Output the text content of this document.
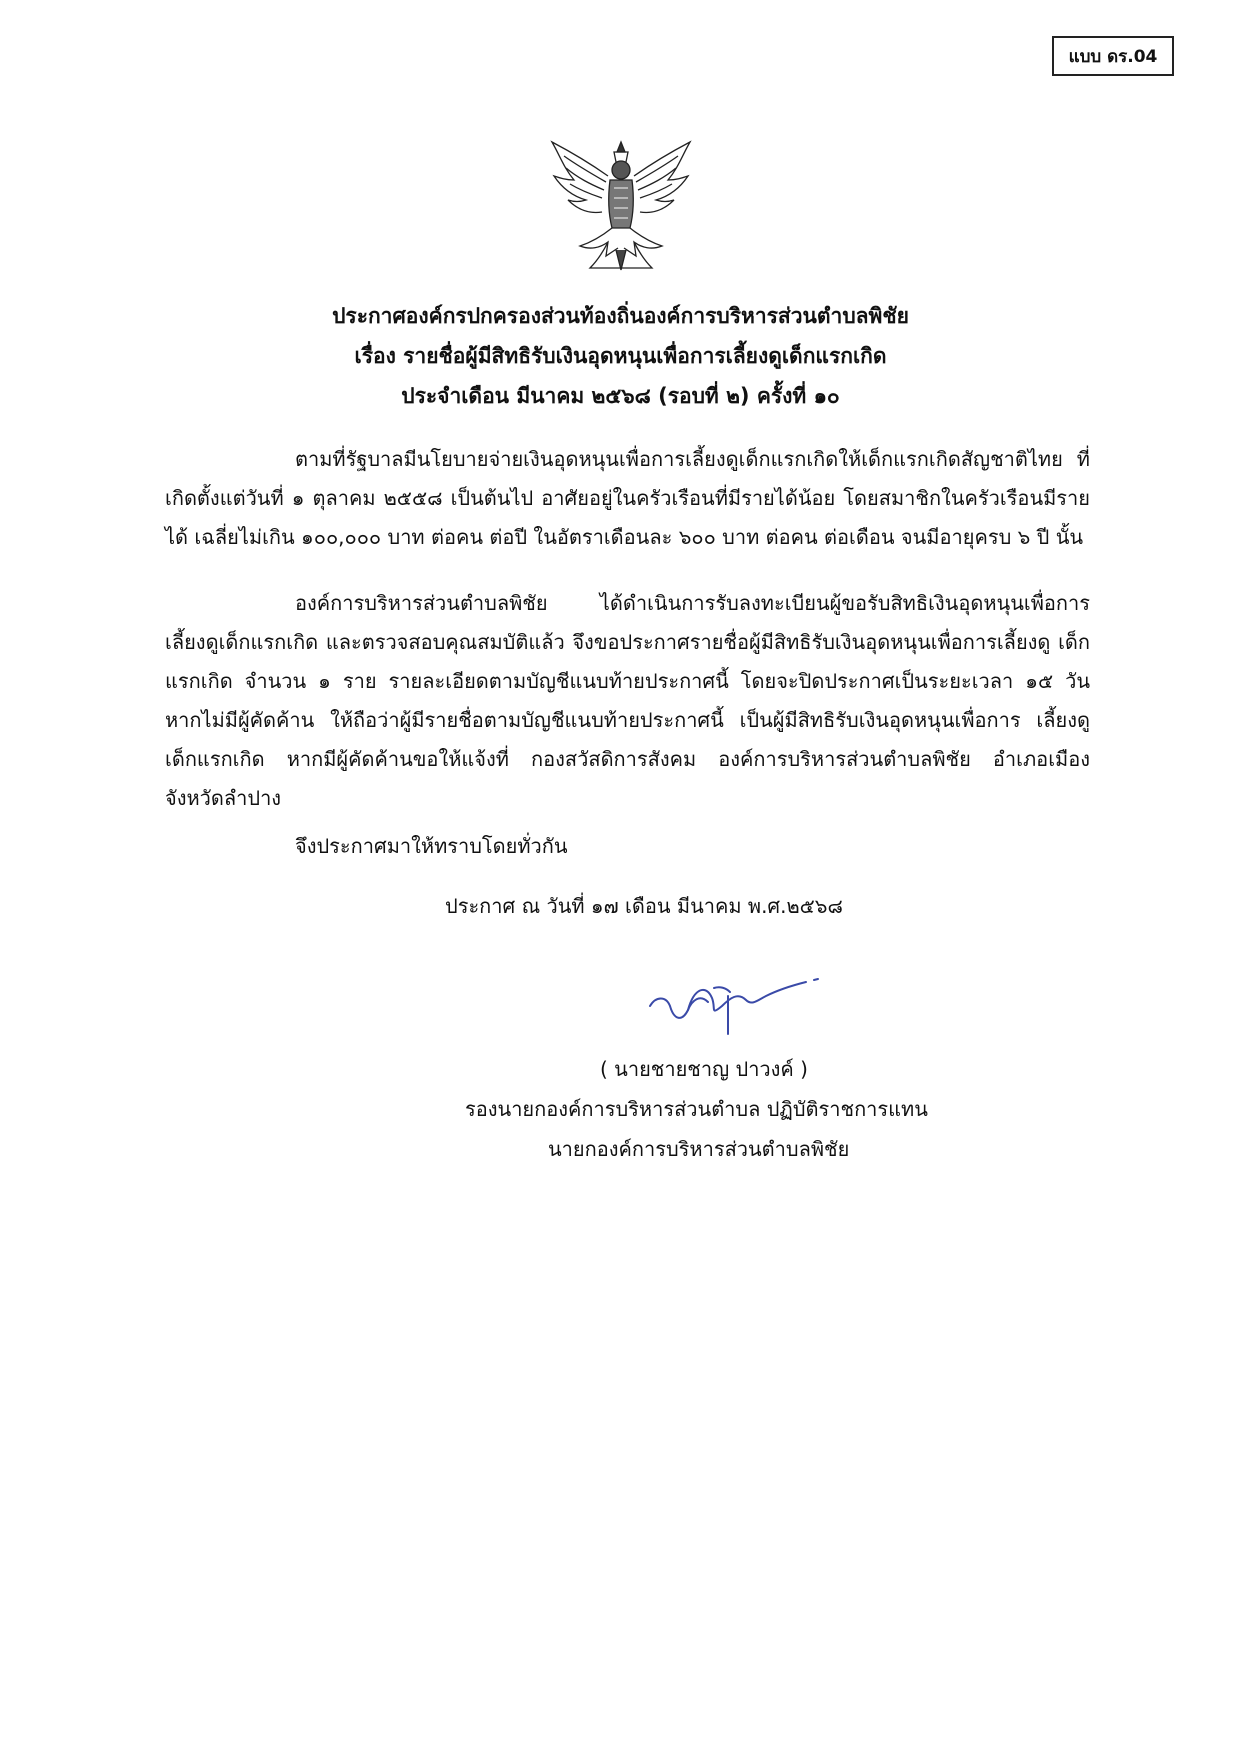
แบบ ดร.04
ประกาศองค์กรปกครองส่วนท้องถิ่นองค์การบริหารส่วนตำบลพิชัย
เรื่อง รายชื่อผู้มีสิทธิรับเงินอุดหนุนเพื่อการเลี้ยงดูเด็กแรกเกิด
ประจำเดือน มีนาคม ๒๕๖๘ (รอบที่ ๒) ครั้งที่ ๑๐

ตามที่รัฐบาลมีนโยบายจ่ายเงินอุดหนุนเพื่อการเลี้ยงดูเด็กแรกเกิดให้เด็กแรกเกิดสัญชาติไทย ที่เกิดตั้งแต่วันที่ ๑ ตุลาคม ๒๕๕๘ เป็นต้นไป อาศัยอยู่ในครัวเรือนที่มีรายได้น้อย โดยสมาชิกในครัวเรือนมีรายได้ เฉลี่ยไม่เกิน ๑๐๐,๐๐๐ บาท ต่อคน ต่อปี ในอัตราเดือนละ ๖๐๐ บาท ต่อคน ต่อเดือน จนมีอายุครบ ๖ ปี นั้น

องค์การบริหารส่วนตำบลพิชัย ได้ดำเนินการรับลงทะเบียนผู้ขอรับสิทธิเงินอุดหนุนเพื่อการ เลี้ยงดูเด็กแรกเกิด และตรวจสอบคุณสมบัติแล้ว จึงขอประกาศรายชื่อผู้มีสิทธิรับเงินอุดหนุนเพื่อการเลี้ยงดู เด็กแรกเกิด จำนวน ๑ ราย รายละเอียดตามบัญชีแนบท้ายประกาศนี้ โดยจะปิดประกาศเป็นระยะเวลา ๑๕ วัน หากไม่มีผู้คัดค้าน ให้ถือว่าผู้มีรายชื่อตามบัญชีแนบท้ายประกาศนี้ เป็นผู้มีสิทธิรับเงินอุดหนุนเพื่อการ เลี้ยงดูเด็กแรกเกิด หากมีผู้คัดค้านขอให้แจ้งที่ กองสวัสดิการสังคม องค์การบริหารส่วนตำบลพิชัย อำเภอเมือง จังหวัดลำปาง

จึงประกาศมาให้ทราบโดยทั่วกัน
ประกาศ ณ วันที่ ๑๗ เดือน มีนาคม พ.ศ.๒๕๖๘
( นายชายชาญ ปาวงค์ )
รองนายกองค์การบริหารส่วนตำบล ปฏิบัติราชการแทน
นายกองค์การบริหารส่วนตำบลพิชัย
